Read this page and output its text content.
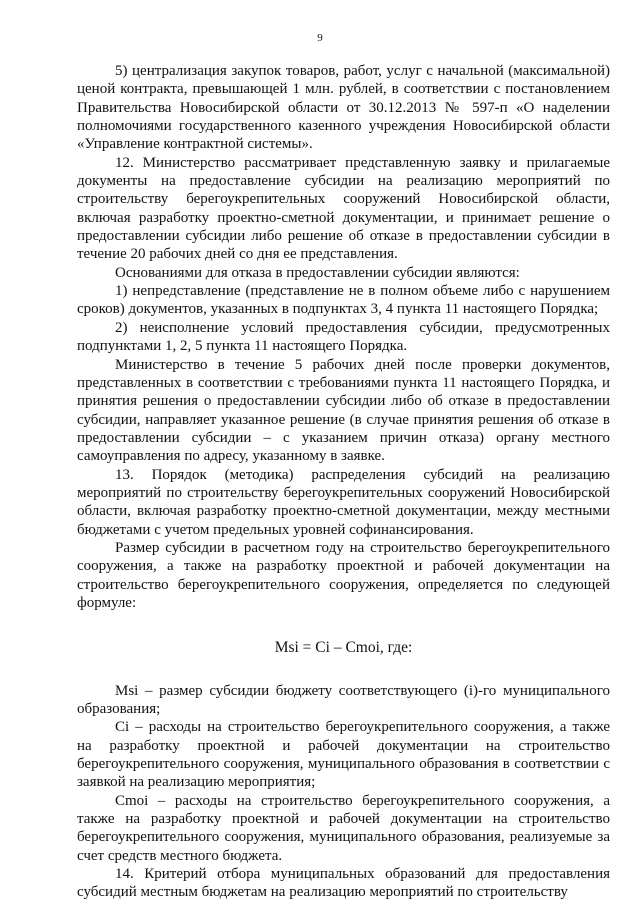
9

5) централизация закупок товаров, работ, услуг с начальной (максимальной) ценой контракта, превышающей 1 млн. рублей, в соответствии с постановлением Правительства Новосибирской области от 30.12.2013 № 597-п «О наделении полномочиями государственного казенного учреждения Новосибирской области «Управление контрактной системы».

12. Министерство рассматривает представленную заявку и прилагаемые документы на предоставление субсидии на реализацию мероприятий по строительству берегоукрепительных сооружений Новосибирской области, включая разработку проектно-сметной документации, и принимает решение о предоставлении субсидии либо решение об отказе в предоставлении субсидии в течение 20 рабочих дней со дня ее представления.

Основаниями для отказа в предоставлении субсидии являются:

1) непредставление (представление не в полном объеме либо с нарушением сроков) документов, указанных в подпунктах 3, 4 пункта 11 настоящего Порядка;

2) неисполнение условий предоставления субсидии, предусмотренных подпунктами 1, 2, 5 пункта 11 настоящего Порядка.

Министерство в течение 5 рабочих дней после проверки документов, представленных в соответствии с требованиями пункта 11 настоящего Порядка, и принятия решения о предоставлении субсидии либо об отказе в предоставлении субсидии, направляет указанное решение (в случае принятия решения об отказе в предоставлении субсидии – с указанием причин отказа) органу местного самоуправления по адресу, указанному в заявке.

13. Порядок (методика) распределения субсидий на реализацию мероприятий по строительству берегоукрепительных сооружений Новосибирской области, включая разработку проектно-сметной документации, между местными бюджетами с учетом предельных уровней софинансирования.

Размер субсидии в расчетном году на строительство берегоукрепительного сооружения, а также на разработку проектной и рабочей документации на строительство берегоукрепительного сооружения, определяется по следующей формуле:

Msi = Ci – Cmoi, где:

Msi – размер субсидии бюджету соответствующего (i)-го муниципального образования;

Ci – расходы на строительство берегоукрепительного сооружения, а также на разработку проектной и рабочей документации на строительство берегоукрепительного сооружения, муниципального образования в соответствии с заявкой на реализацию мероприятия;

Cmoi – расходы на строительство берегоукрепительного сооружения, а также на разработку проектной и рабочей документации на строительство берегоукрепительного сооружения, муниципального образования, реализуемые за счет средств местного бюджета.

14. Критерий отбора муниципальных образований для предоставления субсидий местным бюджетам на реализацию мероприятий по строительству
